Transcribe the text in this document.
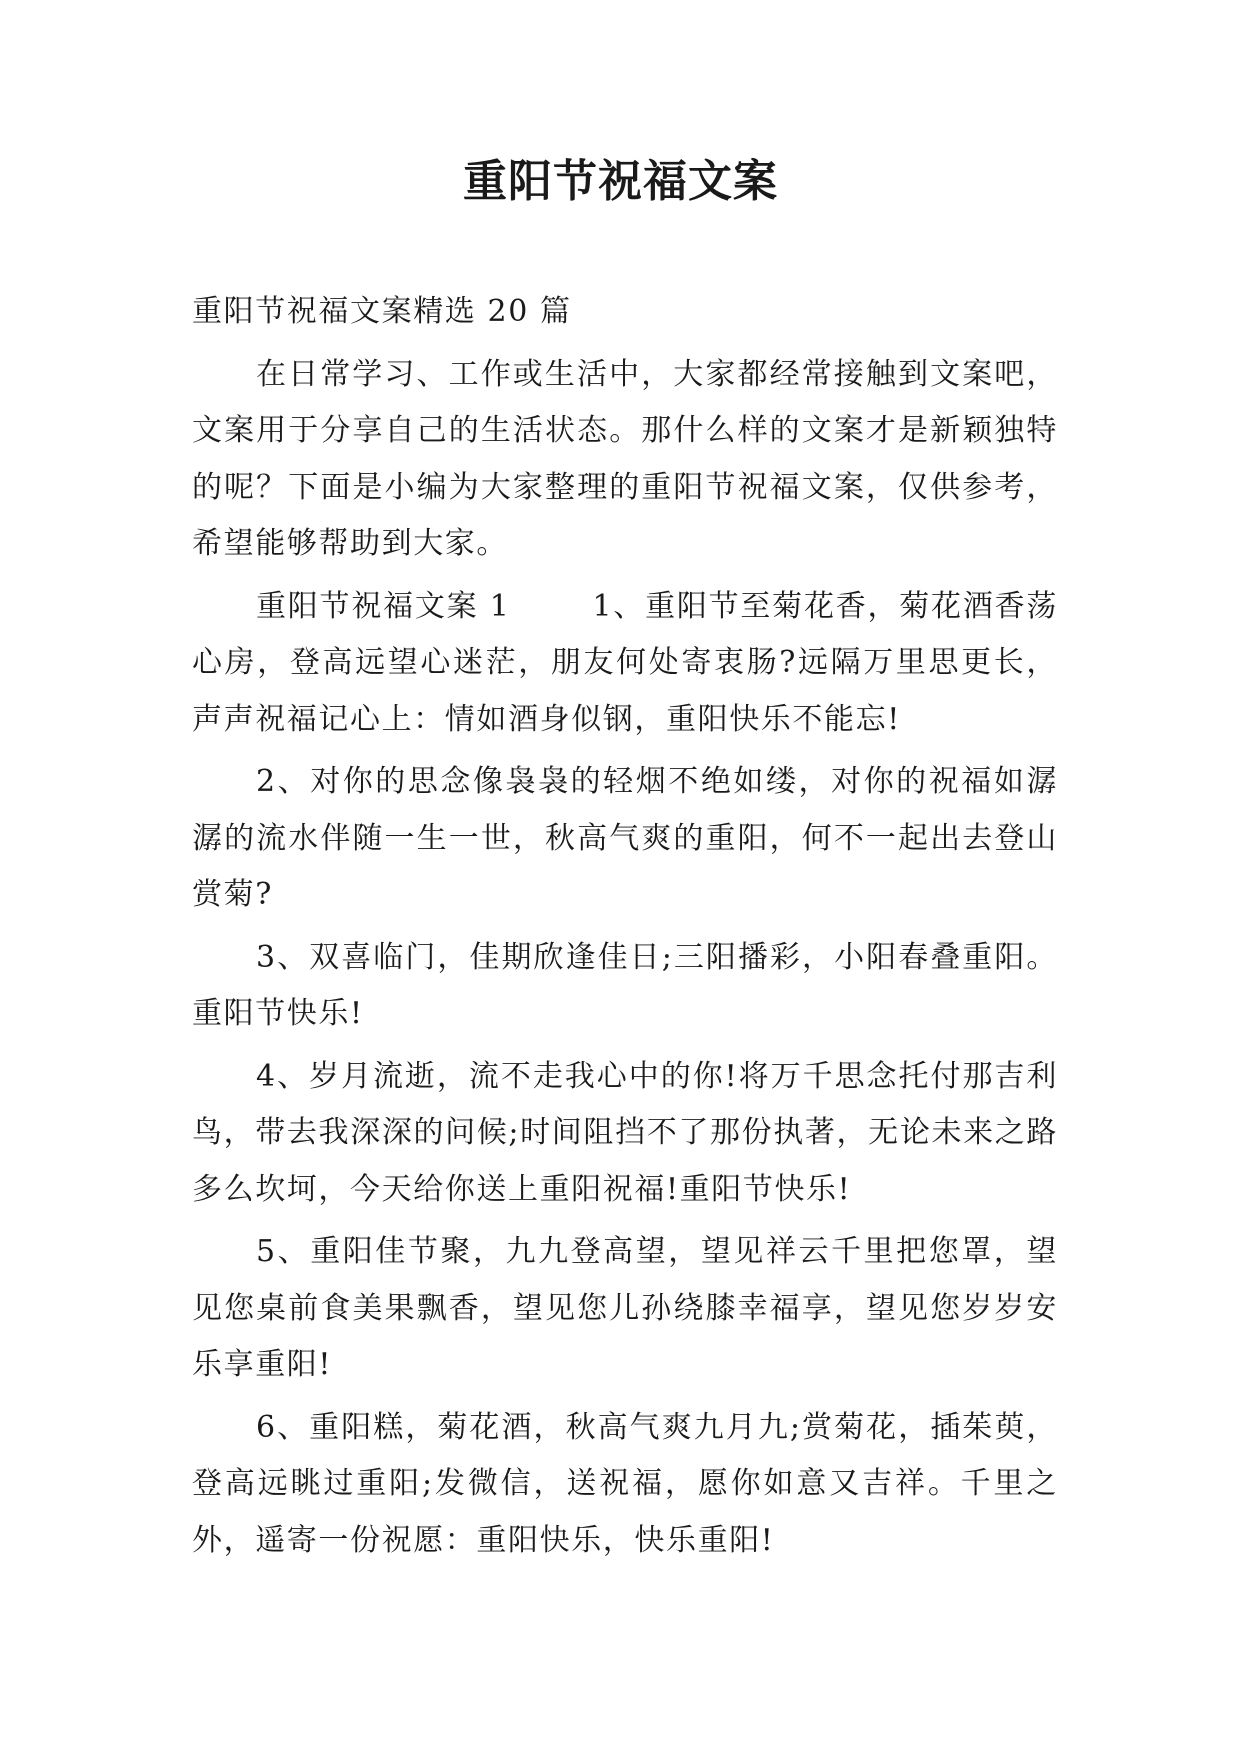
重阳节祝福文案

重阳节祝福文案精选 20 篇

在日常学习、工作或生活中，大家都经常接触到文案吧，文案用于分享自己的生活状态。那什么样的文案才是新颖独特的呢？下面是小编为大家整理的重阳节祝福文案，仅供参考，希望能够帮助到大家。

重阳节祝福文案 1	1、重阳节至菊花香，菊花酒香荡心房，登高远望心迷茫，朋友何处寄衷肠?远隔万里思更长，声声祝福记心上：情如酒身似钢，重阳快乐不能忘!

2、对你的思念像袅袅的轻烟不绝如缕，对你的祝福如潺潺的流水伴随一生一世，秋高气爽的重阳，何不一起出去登山赏菊?

3、双喜临门，佳期欣逢佳日;三阳播彩，小阳春叠重阳。重阳节快乐!

4、岁月流逝，流不走我心中的你!将万千思念托付那吉利鸟，带去我深深的问候;时间阻挡不了那份执著，无论未来之路多么坎坷，今天给你送上重阳祝福!重阳节快乐!

5、重阳佳节聚，九九登高望，望见祥云千里把您罩，望见您桌前食美果飘香，望见您儿孙绕膝幸福享，望见您岁岁安乐享重阳!

6、重阳糕，菊花酒，秋高气爽九月九;赏菊花，插茱萸，登高远眺过重阳;发微信，送祝福，愿你如意又吉祥。千里之外，遥寄一份祝愿：重阳快乐，快乐重阳!
